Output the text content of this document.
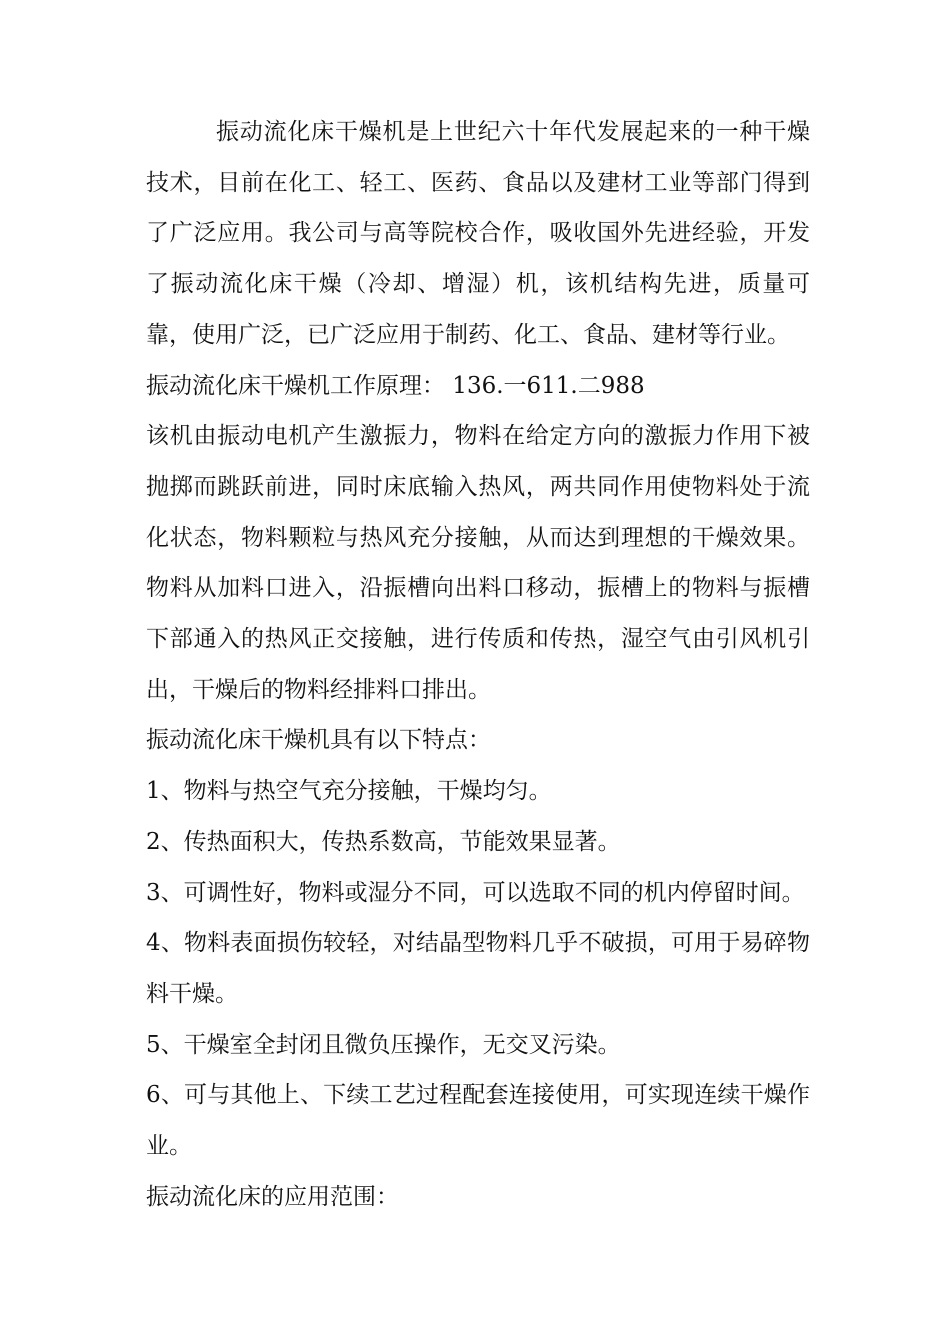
振动流化床干燥机是上世纪六十年代发展起来的一种干燥技术，目前在化工、轻工、医药、食品以及建材工业等部门得到了广泛应用。我公司与高等院校合作，吸收国外先进经验，开发了振动流化床干燥（冷却、增湿）机，该机结构先进，质量可靠，使用广泛，已广泛应用于制药、化工、食品、建材等行业。

振动流化床干燥机工作原理： 136.一611.二988

该机由振动电机产生激振力，物料在给定方向的激振力作用下被抛掷而跳跃前进，同时床底输入热风，两共同作用使物料处于流化状态，物料颗粒与热风充分接触，从而达到理想的干燥效果。物料从加料口进入，沿振槽向出料口移动，振槽上的物料与振槽下部通入的热风正交接触，进行传质和传热，湿空气由引风机引出，干燥后的物料经排料口排出。

振动流化床干燥机具有以下特点：

1、物料与热空气充分接触，干燥均匀。

2、传热面积大，传热系数高，节能效果显著。

3、可调性好，物料或湿分不同，可以选取不同的机内停留时间。

4、物料表面损伤较轻，对结晶型物料几乎不破损，可用于易碎物料干燥。

5、干燥室全封闭且微负压操作，无交叉污染。

6、可与其他上、下续工艺过程配套连接使用，可实现连续干燥作业。

振动流化床的应用范围：
